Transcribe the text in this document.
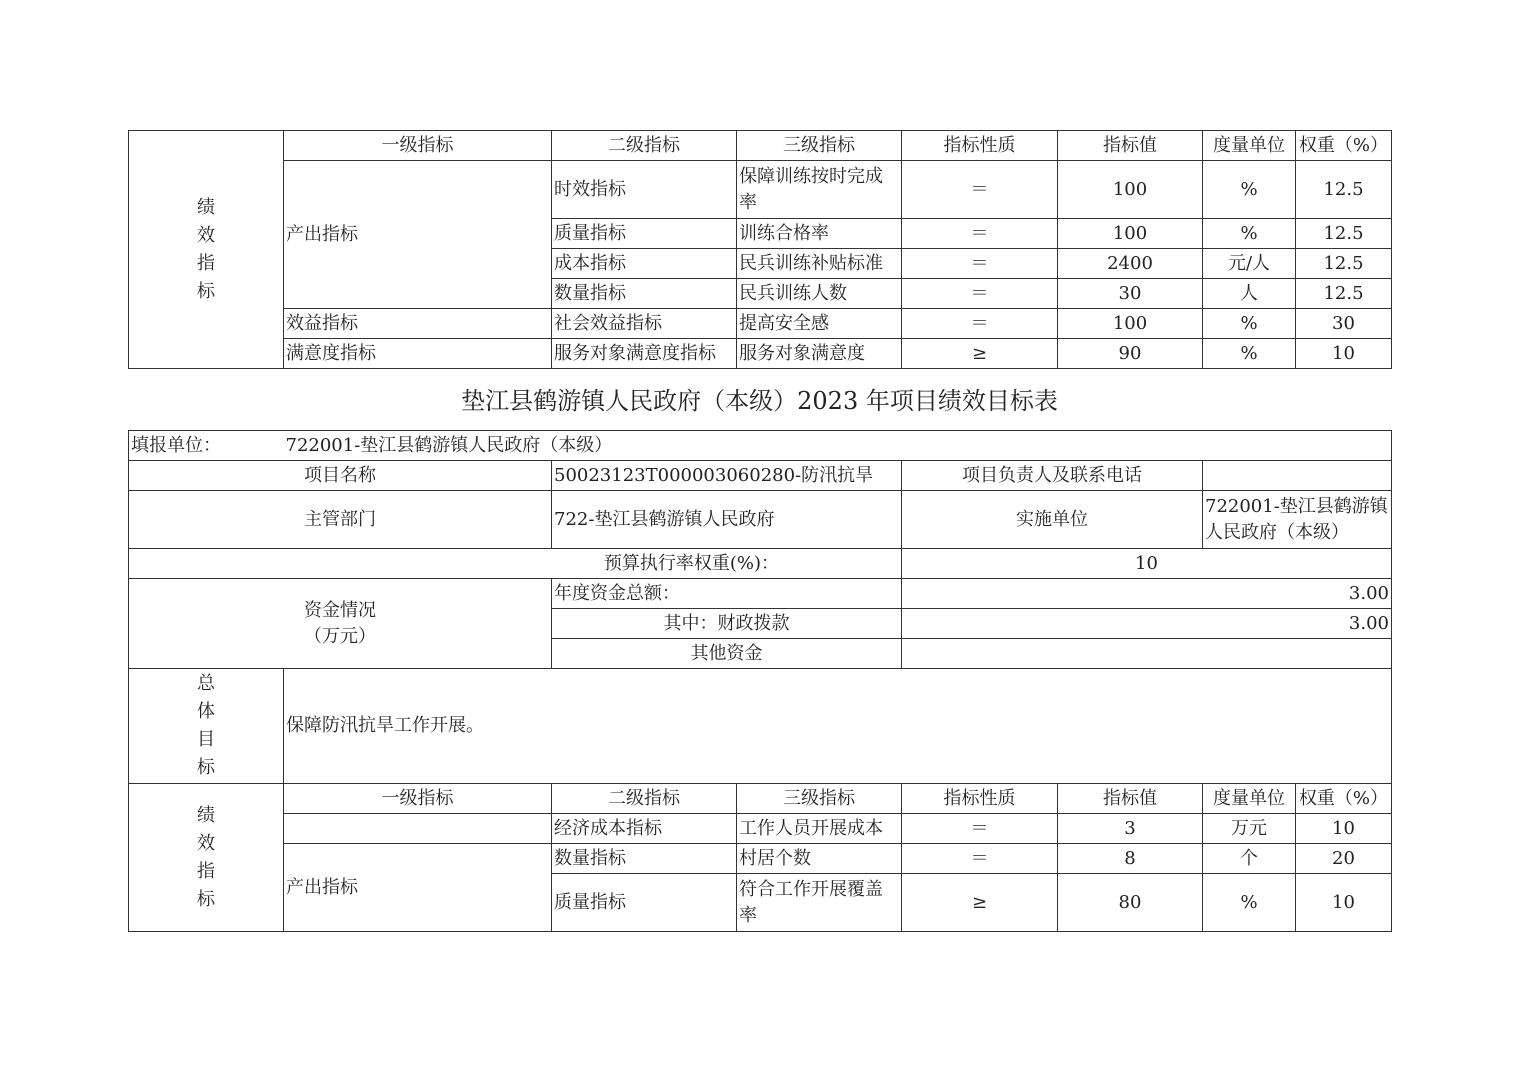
绩
效
指
标	一级指标	二级指标	三级指标	指标性质	指标值	度量单位	权重（%）
	产出指标	时效指标	保障训练按时完成率	＝	100	%	12.5
		质量指标	训练合格率	＝	100	%	12.5
		成本指标	民兵训练补贴标准	＝	2400	元/人	12.5
		数量指标	民兵训练人数	＝	30	人	12.5
	效益指标	社会效益指标	提高安全感	＝	100	%	30
	满意度指标	服务对象满意度指标	服务对象满意度	≥	90	%	10
垫江县鹤游镇人民政府（本级）2023 年项目绩效目标表
填报单位：	722001-垫江县鹤游镇人民政府（本级）						
项目名称		50023123T000003060280-防汛抗旱		项目负责人及联系电话			
主管部门		722-垫江县鹤游镇人民政府		实施单位		722001-垫江县鹤游镇人民政府（本级）	
预算执行率权重(%)：				10			

资金情况
（万元）		年度资金总额：		3.00			
		其中：财政拨款		3.00			
		其他资金					

总
体
目
标	保障防汛抗旱工作开展。						

绩
效
指
标	一级指标	二级指标	三级指标	指标性质	指标值	度量单位	权重（%）
		经济成本指标	工作人员开展成本	＝	3	万元	10
	产出指标	数量指标	村居个数	＝	8	个	20
		质量指标	符合工作开展覆盖率	≥	80	%	10
